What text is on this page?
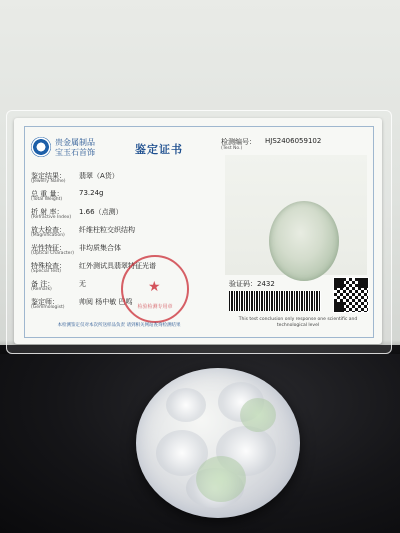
贵金属制品
宝玉石首饰	鉴定证书
鉴定结果：
(Jewelry Name)
翡翠（A货）
总 重 量：
(Total Weight)
73.24g
折 射 率：
(Refractive Index)
1.66（点测）
放大检查：
(Magnification)
纤维柱粒交织结构
光性特征：
(Optical Character)
非均质集合体
特殊检查：
(Special Test)
红外测试具翡翠特征光谱
备 注：
(Remark)
无
鉴定师：
(Gemmologist)
帅阅 杨中敏 巴鸣
★
检验检测专用章
本检测鉴定仅对本次所送样品负责 请到相关网站查询检测结果
检测编号：
(Test No.)
HJS2406059102
验证码：2432
This test conclusion only response one scientific and technological level
